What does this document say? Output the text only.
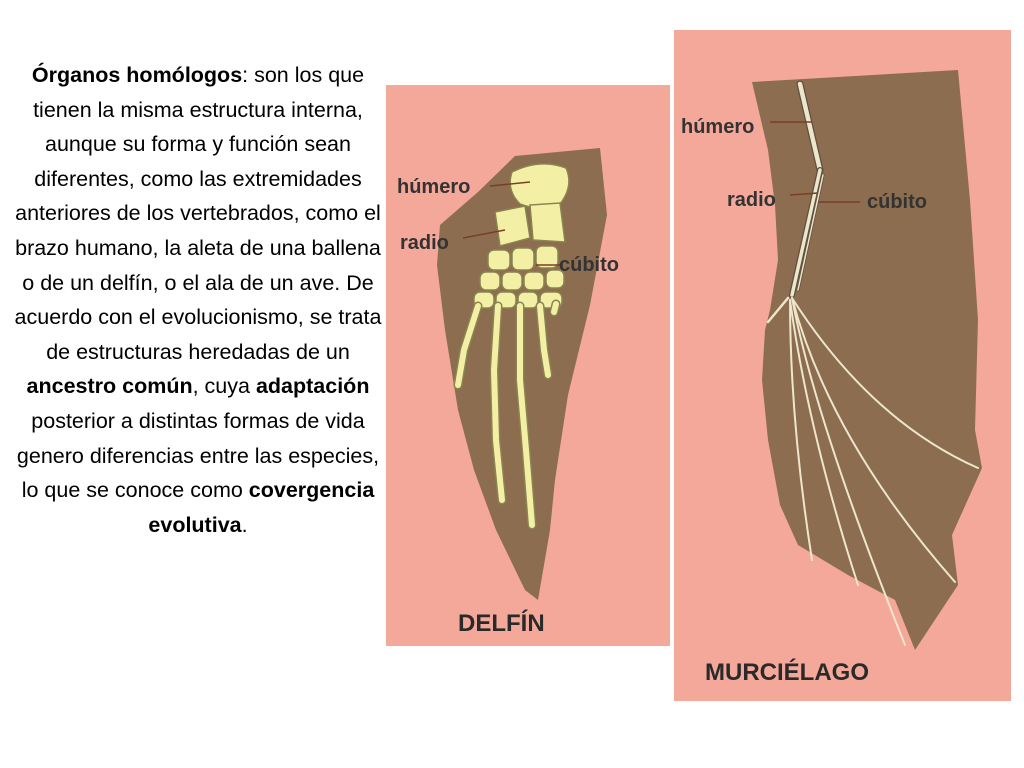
Órganos homólogos: son los que tienen la misma estructura interna, aunque su forma y función sean diferentes, como las extremidades anteriores de los vertebrados, como el brazo humano, la aleta de una ballena o de un delfín, o el ala de un ave. De acuerdo con el evolucionismo, se trata de estructuras heredadas de un ancestro común, cuya adaptación posterior a distintas formas de vida genero diferencias entre las especies, lo que se conoce como covergencia evolutiva.
húmero
radio
cúbito
DELFÍN
húmero
radio	cúbito
MURCIÉLAGO
